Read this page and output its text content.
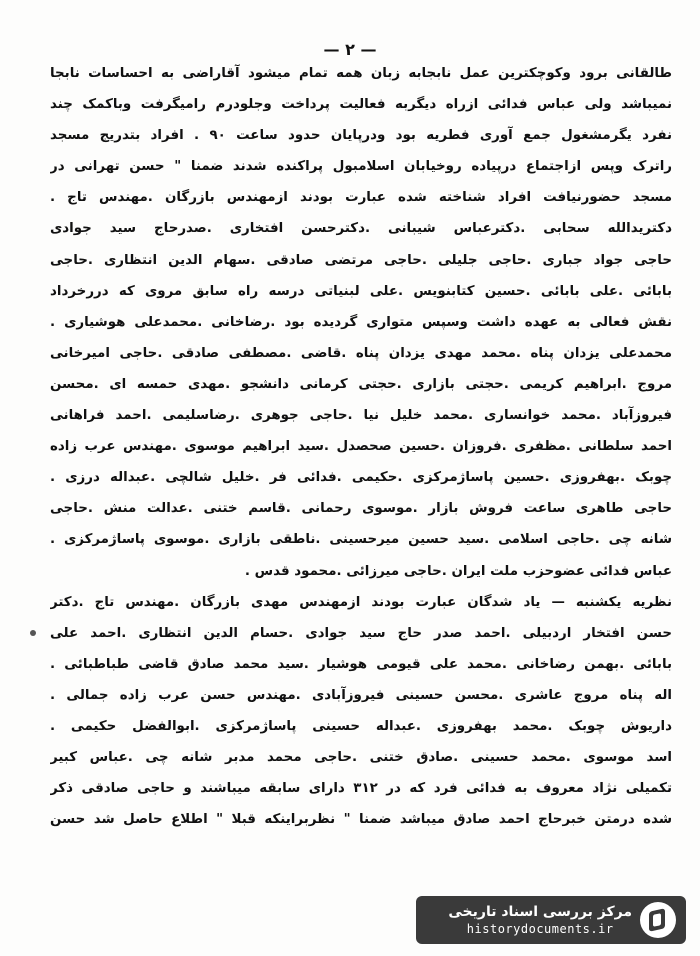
— ۲ —
طالقانی برود وکوچکترین عمل نابجابه زبان همه تمام میشود آقاراضی به احساسات نابجا
نمیباشد ولی عباس فدائی ازراه دیگربه فعالیت پرداخت وجلودرم رامیگرفت وباکمک چند
نفرد یگرمشغول جمع آوری فطریه بود ودرپایان حدود ساعت ۹۰ . افراد بتدریج مسجد
راترک وپس ازاجتماع درپیاده روخیابان اسلامبول پراکنده شدند ضمنا " حسن تهرانی در
مسجد حضورنیافت افراد شناخته شده عبارت بودند ازمهندس بازرگان .مهندس تاج .
دکتریدالله سحابی .دکترعباس شیبانی .دکترحسن افتخاری .صدرحاج سید جوادی
حاجی جواد جباری .حاجی جلیلی .حاجی مرتضی صادقی .سهام الدین انتظاری .حاجی
بابائی .علی بابائی .حسین کتابنویس .علی لبنیاتی درسه راه سابق مروی که دررخرداد
نقش فعالی به عهده داشت وسپس متواری گردیده بود .رضاخانی .محمدعلی هوشیاری .
محمدعلی یزدان پناه .محمد مهدی یزدان پناه .قاضی .مصطفی صادقی .حاجی امیرخانی
مروج .ابراهیم کریمی .حجتی بازاری .حجتی کرمانی دانشجو .مهدی حمسه ای .محسن
فیروزآباد .محمد خوانساری .محمد خلیل نیا .حاجی جوهری .رضاسلیمی .احمد فراهانی
احمد سلطانی .مظفری .فروزان .حسین صحصدل .سید ابراهیم موسوی .مهندس عرب زاده
چوبک .بهفروزی .حسین پاساژمرکزی .حکیمی .فدائی فر .خلیل شالچی .عبداله درزی .
حاجی طاهری ساعت فروش بازار .موسوی رحمانی .قاسم ختنی .عدالت منش .حاجی
شانه چی .حاجی اسلامی .سید حسین میرحسینی .ناطقی بازاری .موسوی پاساژمرکزی .
عباس فدائی عضوحزب ملت ایران .حاجی میرزائی .محمود قدس .
نظریه یکشنبه — یاد شدگان عبارت بودند ازمهندس مهدی بازرگان .مهندس تاج .دکتر
حسن افتخار اردبیلی .احمد صدر حاج سید جوادی .حسام الدین انتظاری .احمد علی
بابائی .بهمن رضاخانی .محمد علی قیومی هوشیار .سید محمد صادق قاضی طباطبائی .
اله پناه مروج عاشری .محسن حسینی فیروزآبادی .مهندس حسن عرب زاده جمالی .
داریوش چوبک .محمد بهفروزی .عبداله حسینی پاساژمرکزی .ابوالفضل حکیمی .
اسد موسوی .محمد حسینی .صادق ختنی .حاجی محمد مدبر شانه چی .عباس کبیر
تکمیلی نژاد معروف به فدائی فرد که در ۳۱۲ دارای سابقه میباشند و حاجی صادقی ذکر
شده درمتن خبرحاج احمد صادق میباشد ضمنا " نظربراینکه قبلا " اطلاع حاصل شد حسن
مرکز بررسی اسناد تاریخی
historydocuments.ir
